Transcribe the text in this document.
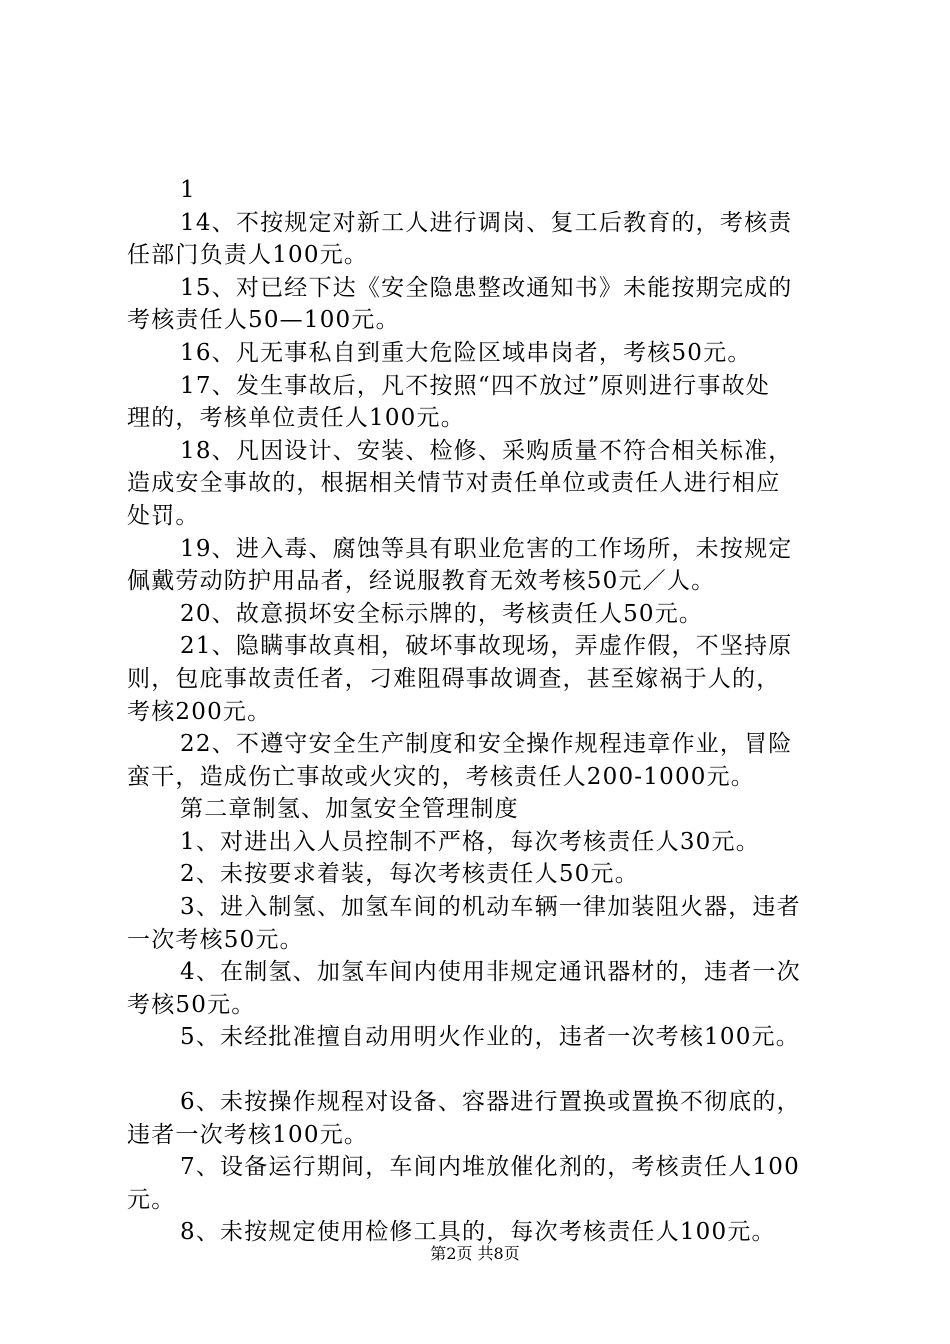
1
14、不按规定对新工人进行调岗、复工后教育的，考核责
任部门负责人100元。
15、对已经下达《安全隐患整改通知书》未能按期完成的
考核责任人50—100元。
16、凡无事私自到重大危险区域串岗者，考核50元。
17、发生事故后，凡不按照“四不放过”原则进行事故处
理的，考核单位责任人100元。
18、凡因设计、安装、检修、采购质量不符合相关标准，
造成安全事故的，根据相关情节对责任单位或责任人进行相应
处罚。
19、进入毒、腐蚀等具有职业危害的工作场所，未按规定
佩戴劳动防护用品者，经说服教育无效考核50元／人。
20、故意损坏安全标示牌的，考核责任人50元。
21、隐瞒事故真相，破坏事故现场，弄虚作假，不坚持原
则，包庇事故责任者，刁难阻碍事故调查，甚至嫁祸于人的，
考核200元。
22、不遵守安全生产制度和安全操作规程违章作业，冒险
蛮干，造成伤亡事故或火灾的，考核责任人200-1000元。
第二章制氢、加氢安全管理制度
1、对进出入人员控制不严格，每次考核责任人30元。
2、未按要求着装，每次考核责任人50元。
3、进入制氢、加氢车间的机动车辆一律加装阻火器，违者
一次考核50元。
4、在制氢、加氢车间内使用非规定通讯器材的，违者一次
考核50元。
5、未经批准擅自动用明火作业的，违者一次考核100元。
6、未按操作规程对设备、容器进行置换或置换不彻底的，
违者一次考核100元。
7、设备运行期间，车间内堆放催化剂的，考核责任人100
元。
8、未按规定使用检修工具的，每次考核责任人100元。
第2页 共8页
